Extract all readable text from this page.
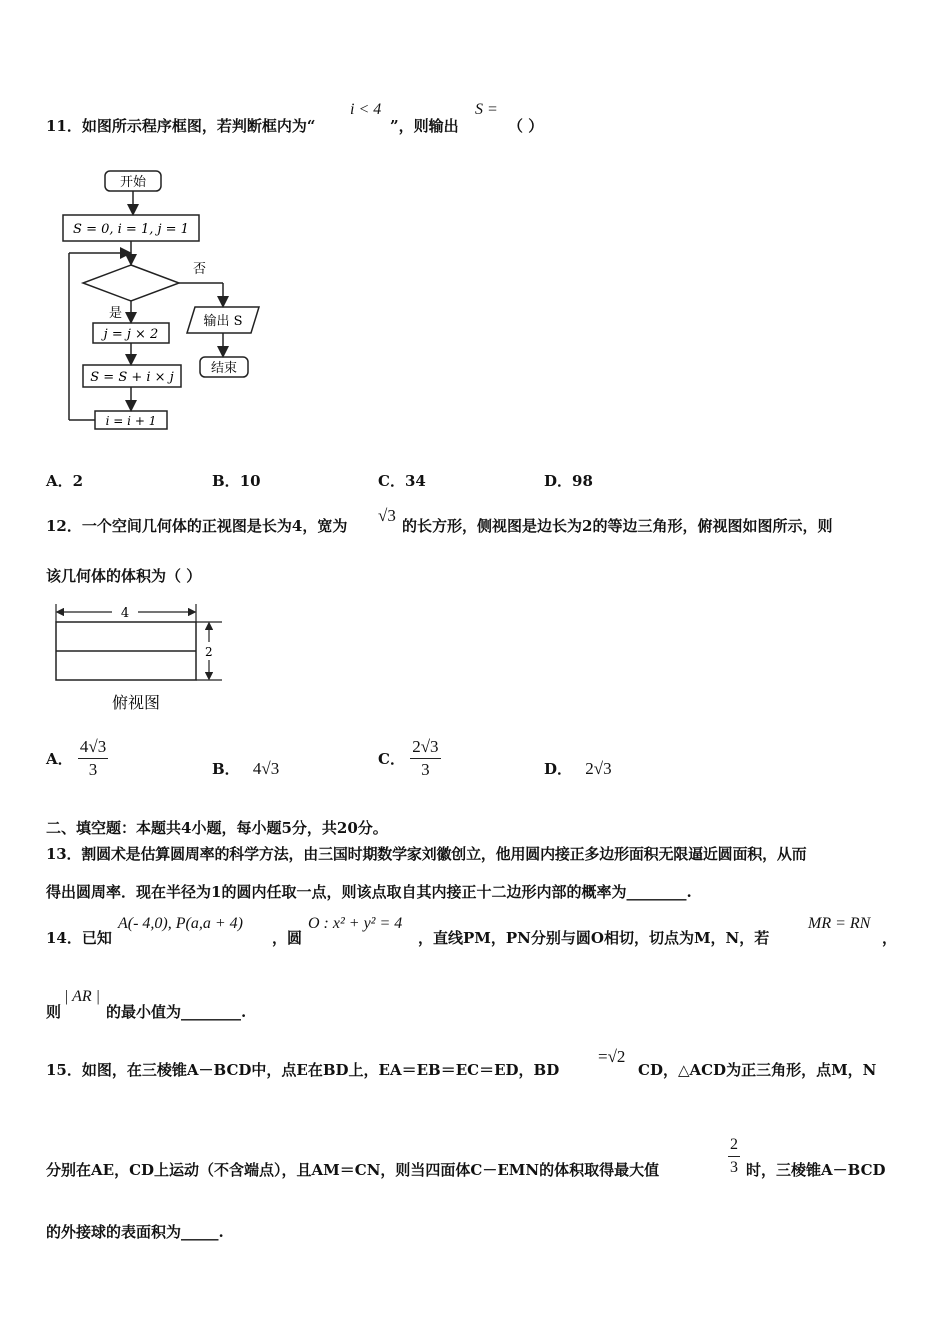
11．如图所示程序框图，若判断框内为“
i < 4
”，则输出
S =
（ ）
开始
S = 0, i = 1, j = 1
否
输出 S
结束
是
j = j × 2
S = S + i × j
i = i + 1
A．2	B．10	C．34	D．98
12．一个空间几何体的正视图是长为4，宽为
√3
的长方形，侧视图是边长为2的等边三角形，俯视图如图所示，则
该几何体的体积为（ ）
4
2
俯视图
A． $\frac{4√3}{3}$	B． 4√3	C． $\frac{2√3}{3}$	D． 2√3
二、填空题：本题共4小题，每小题5分，共20分。
13．割圆术是估算圆周率的科学方法，由三国时期数学家刘徽创立，他用圆内接正多边形面积无限逼近圆面积，从而
得出圆周率．现在半径为1的圆内任取一点，则该点取自其内接正十二边形内部的概率为________.
14．已知
A(- 4,0), P(a,a + 4)
，圆
O : x² + y² = 4
，直线PM，PN分别与圆O相切，切点为M，N，若
MR = RN
，
则
| AR |
的最小值为________.
15．如图，在三棱锥A－BCD中，点E在BD上，EA＝EB＝EC＝ED，BD
=√2
CD，△ACD为正三角形，点M，N
分别在AE，CD上运动（不含端点），且AM＝CN，则当四面体C－EMN的体积取得最大值	$\frac{2}{3}$ 时，三棱锥A－BCD
的外接球的表面积为_____.
